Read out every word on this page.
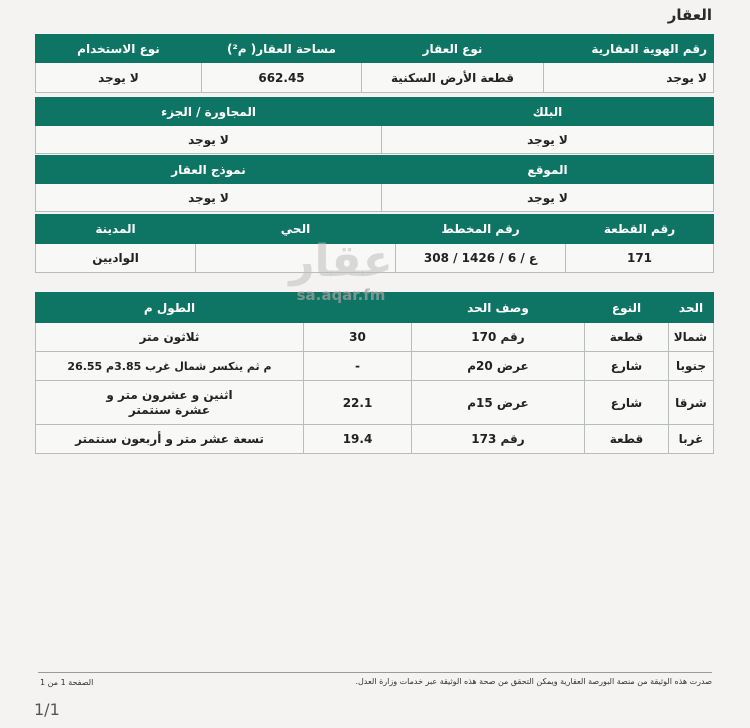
العقار
رقم الهوية العقارية	نوع العقار	مساحة العقار( م²)	نوع الاستخدام
لا يوجد	قطعة الأرض السكنية	662.45	لا يوجد
البلك	المجاورة / الجزء
لا يوجد	لا يوجد
الموقع	نموذج العقار
لا يوجد	لا يوجد
رقم القطعة	رقم المخطط	الحي	المدينة
171	308 / 1426 / ع / 6		الواديين
الحد	النوع	وصف الحد		الطول م
شمالا	قطعة	رقم 170	30	ثلاثون متر
جنوبا	شارع	عرض 20م	-	م ثم ينكسر شمال غرب 3.85م 26.55
شرقا	شارع	عرض 15م	22.1	اثنين و عشرون متر و عشرة سنتمتر
غربا	قطعة	رقم 173	19.4	تسعة عشر متر و أربعون سنتمتر
عقار
sa.aqar.fm
صدرت هذه الوثيقة من منصة البورصة العقارية ويمكن التحقق من صحة هذه الوثيقة عبر خدمات وزارة العدل.
الصفحة 1 من 1
1/1
